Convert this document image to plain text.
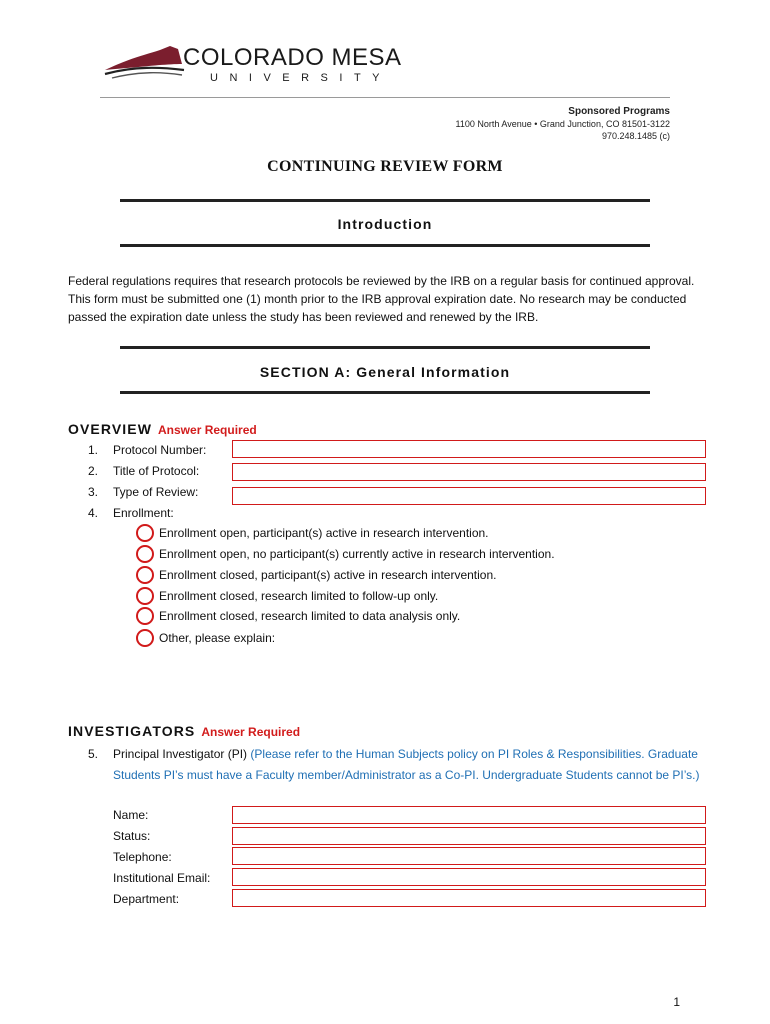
COLORADO MESA
UNIVERSITY
Sponsored Programs
1100 North Avenue • Grand Junction, CO 81501-3122
970.248.1485 (c)
CONTINUING REVIEW FORM
Introduction
Federal regulations requires that research protocols be reviewed by the IRB on a regular basis for continued approval. This form must be submitted one (1) month prior to the IRB approval expiration date. No research may be conducted passed the expiration date unless the study has been reviewed and renewed by the IRB.
SECTION A: General Information
OVERVIEW Answer Required
1. Protocol Number:
2. Title of Protocol:
3. Type of Review:
4. Enrollment:
Enrollment open, participant(s) active in research intervention.
Enrollment open, no participant(s) currently active in research intervention.
Enrollment closed, participant(s) active in research intervention.
Enrollment closed, research limited to follow-up only.
Enrollment closed, research limited to data analysis only.
Other, please explain:
INVESTIGATORS Answer Required
5. Principal Investigator (PI) (Please refer to the Human Subjects policy on PI Roles & Responsibilities. Graduate Students PI’s must have a Faculty member/Administrator as a Co-PI. Undergraduate Students cannot be PI’s.)
Name:
Status:
Telephone:
Institutional Email:
Department:
1
